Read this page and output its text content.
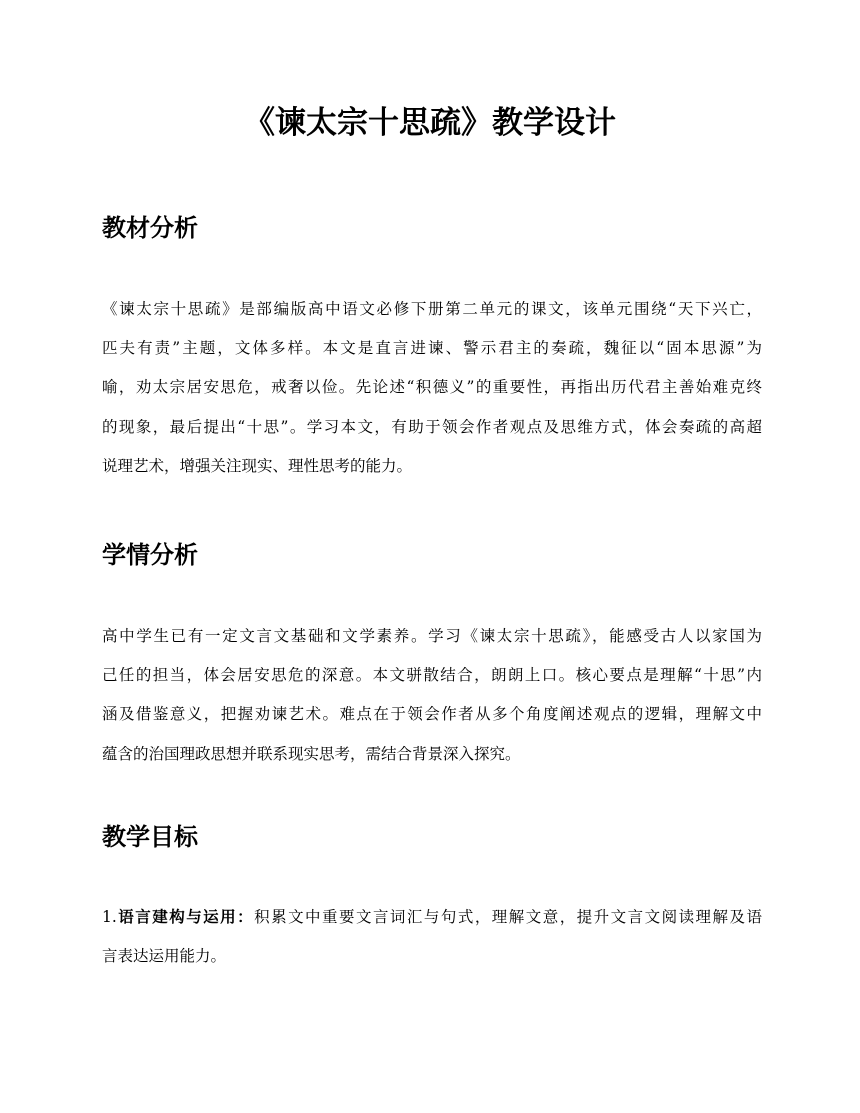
《谏太宗十思疏》教学设计
教材分析
《谏太宗十思疏》是部编版高中语文必修下册第二单元的课文，该单元围绕“天下兴亡，
匹夫有责”主题，文体多样。本文是直言进谏、警示君主的奏疏，魏征以“固本思源”为
喻，劝太宗居安思危，戒奢以俭。先论述“积德义”的重要性，再指出历代君主善始难克终
的现象，最后提出“十思”。学习本文，有助于领会作者观点及思维方式，体会奏疏的高超
说理艺术，增强关注现实、理性思考的能力。
学情分析
高中学生已有一定文言文基础和文学素养。学习《谏太宗十思疏》，能感受古人以家国为
己任的担当，体会居安思危的深意。本文骈散结合，朗朗上口。核心要点是理解“十思”内
涵及借鉴意义，把握劝谏艺术。难点在于领会作者从多个角度阐述观点的逻辑，理解文中
蕴含的治国理政思想并联系现实思考，需结合背景深入探究。
教学目标
1.语言建构与运用：积累文中重要文言词汇与句式，理解文意，提升文言文阅读理解及语
言表达运用能力。
